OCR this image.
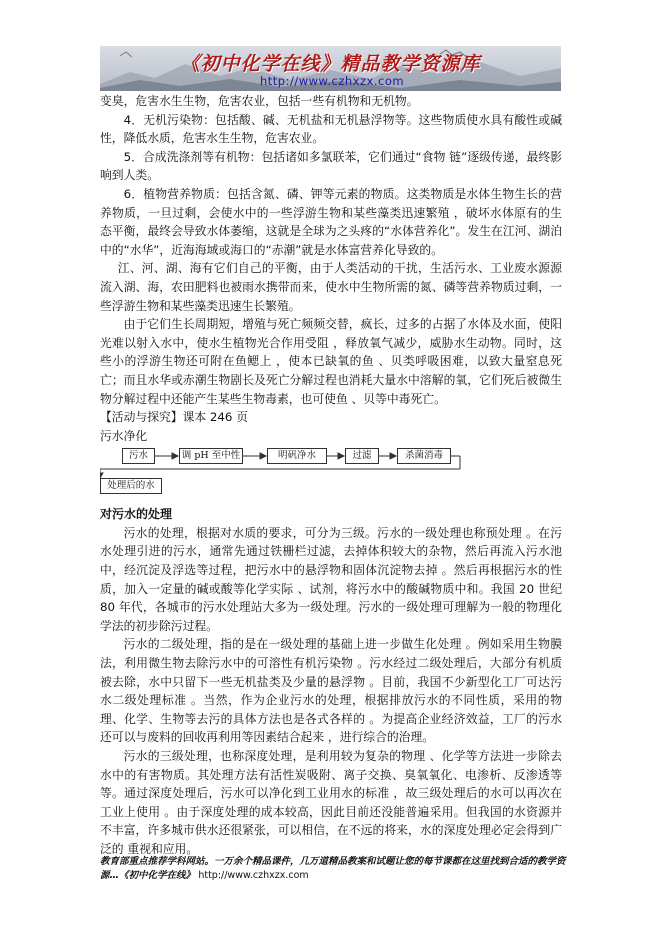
《初中化学在线》精品教学资源库
http://www.czhxzx.com

变臭，危害水生生物，危害农业，包括一些有机物和无机物。

4．无机污染物：包括酸、碱、无机盐和无机悬浮物等。这些物质使水具有酸性或碱性，降低水质，危害水生生物，危害农业。

5．合成洗涤剂等有机物：包括诸如多氯联苯，它们通过“食物 链”逐级传递，最终影响到人类。

6．植物营养物质：包括含氮、磷、钾等元素的物质。这类物质是水体生物生长的营养物质，一旦过剩，会使水中的一些浮游生物和某些藻类迅速繁殖 ，破坏水体原有的生态平衡，最终会导致水体萎缩，这就是全球为之头疼的“水体营养化”。发生在江河、湖泊中的“水华”，近海海域或海口的“赤潮”就是水体富营养化导致的。

江、河、湖、海有它们自己的平衡，由于人类活动的干扰，生活污水、工业废水源源流入湖、海，农田肥料也被雨水携带而来，使水中生物所需的氮、磷等营养物质过剩，一些浮游生物和某些藻类迅速生长繁殖。

由于它们生长周期短，增殖与死亡频频交替，疯长，过多的占据了水体及水面，使阳光难以射入水中，使水生植物光合作用受阻 ，释放氧气减少，威胁水生动物。同时，这些小的浮游生物还可附在鱼鳃上 ，使本已缺氧的鱼 、贝类呼吸困难，以致大量窒息死亡；而且水华或赤潮生物剧长及死亡分解过程也消耗大量水中溶解的氧，它们死后被微生物分解过程中还能产生某些生物毒素，也可使鱼 、贝等中毒死亡。

【活动与探究】课本 246 页

污水净化

污水	调 pH 至中性	明矾净水	过滤	杀菌消毒
处理后的水

对污水的处理

污水的处理，根据对水质的要求，可分为三级。污水的一级处理也称预处理 。在污水处理引进的污水，通常先通过铁栅栏过滤，去掉体积较大的杂物，然后再流入污水池中，经沉淀及浮选等过程，把污水中的悬浮物和固体沉淀物去掉 。然后再根据污水的性质，加入一定量的碱或酸等化学实际 、试剂，将污水中的酸碱物质中和。我国 20 世纪 80 年代，各城市的污水处理站大多为一级处理。污水的一级处理可理解为一般的物理化学法的初步除污过程。

污水的二级处理，指的是在一级处理的基础上进一步做生化处理 。例如采用生物膜法，利用微生物去除污水中的可溶性有机污染物 。污水经过二级处理后，大部分有机质被去除，水中只留下一些无机盐类及少量的悬浮物 。目前，我国不少新型化工厂可达污水二级处理标准 。当然，作为企业污水的处理，根据排放污水的不同性质，采用的物理、化学、生物等去污的具体方法也是各式各样的 。为提高企业经济效益，工厂的污水还可以与废料的回收再利用等因素结合起来 ，进行综合的治理。

污水的三级处理，也称深度处理，是利用较为复杂的物理 、化学等方法进一步除去水中的有害物质。其处理方法有活性炭吸附、离子交换、臭氧氧化、电渗析、反渗透等等。通过深度处理后，污水可以净化到工业用水的标准 ，故三级处理后的水可以再次在工业上使用 。由于深度处理的成本较高，因此目前还没能普遍采用。但我国的水资源并不丰富，许多城市供水还很紧张，可以相信，在不远的将来，水的深度处理必定会得到广泛的 重视和应用。

教育部重点推荐学科网站。一万余个精品课件，几万道精品教案和试题让您的每节课都在这里找到合适的教学资源…《初中化学在线》 http://www.czhxzx.com
